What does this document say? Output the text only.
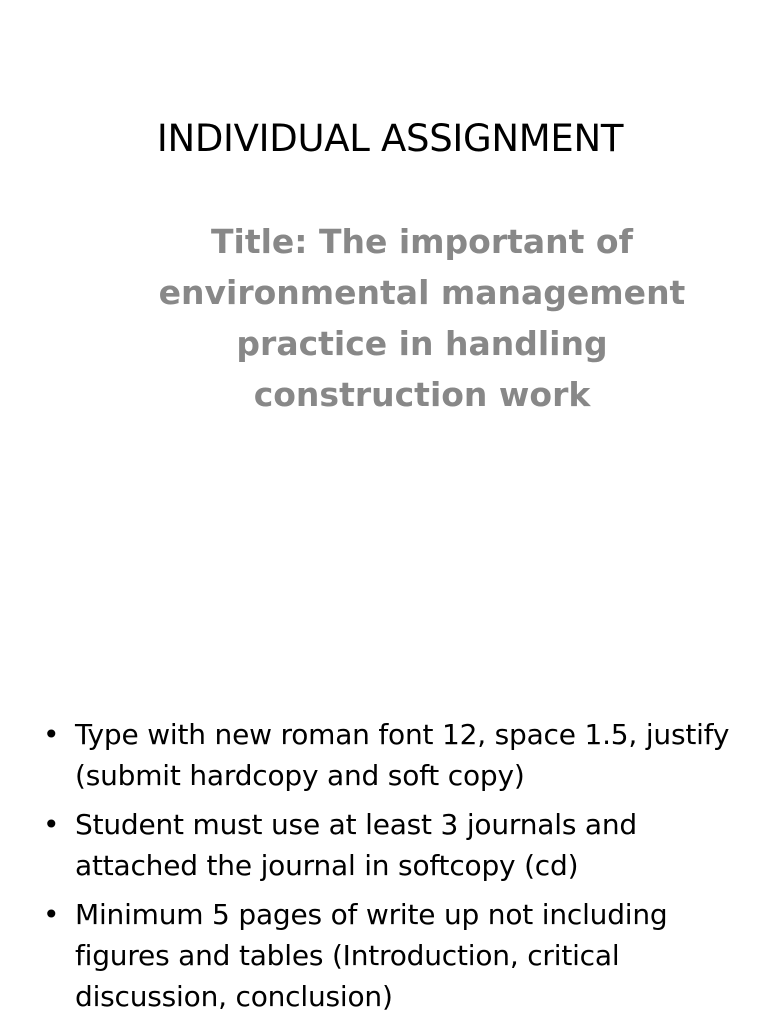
INDIVIDUAL ASSIGNMENT

Title: The important of environmental management practice in handling construction work

• Type with new roman font 12, space 1.5, justify (submit hardcopy and soft copy)
• Student must use at least 3 journals and attached the journal in softcopy (cd)
• Minimum 5 pages of write up not including figures and tables (Introduction, critical discussion, conclusion)
